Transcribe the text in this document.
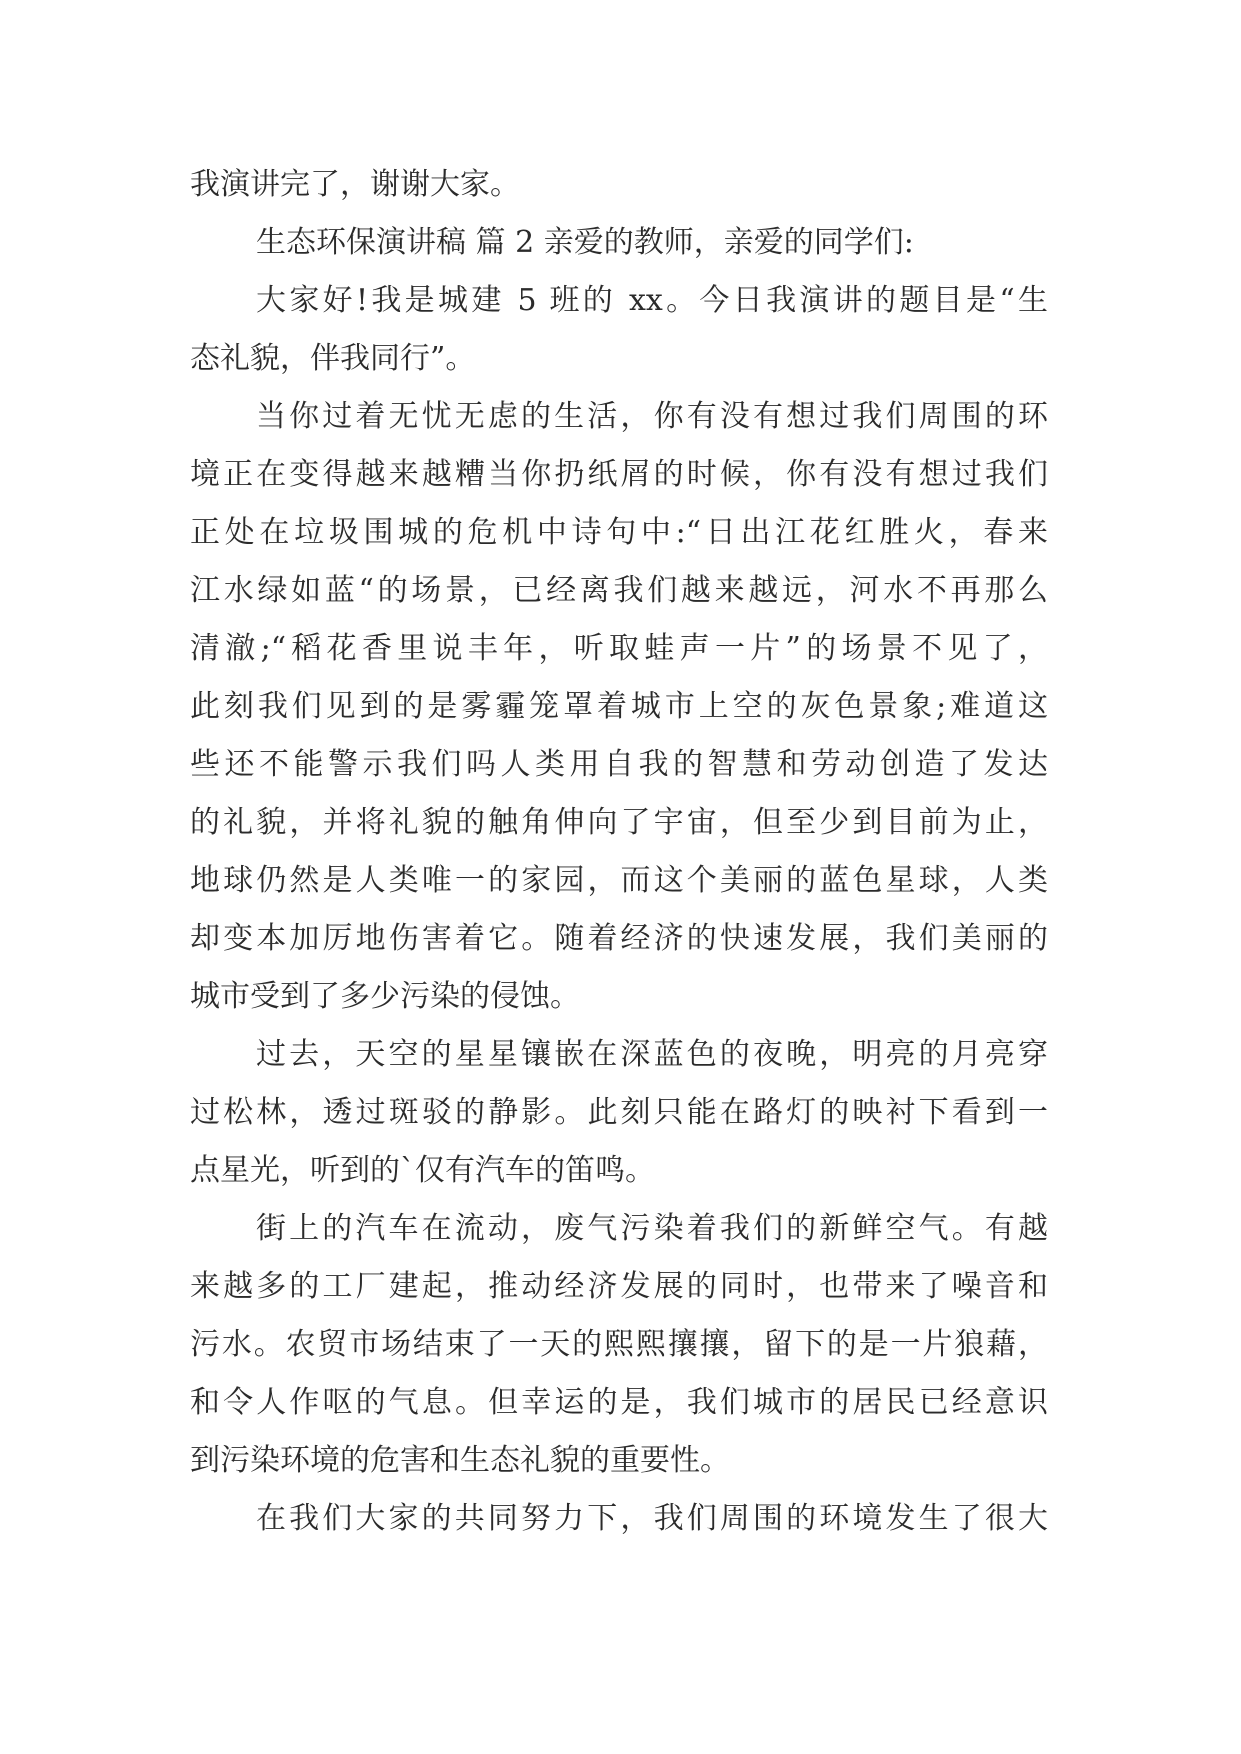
我演讲完了，谢谢大家。
生态环保演讲稿 篇 2 亲爱的教师，亲爱的同学们:
大家好!我是城建 5 班的 xx。今日我演讲的题目是“生
态礼貌，伴我同行”。
当你过着无忧无虑的生活，你有没有想过我们周围的环
境正在变得越来越糟当你扔纸屑的时候，你有没有想过我们
正处在垃圾围城的危机中诗句中:“日出江花红胜火，春来
江水绿如蓝“的场景，已经离我们越来越远，河水不再那么
清澈;“稻花香里说丰年，听取蛙声一片”的场景不见了，
此刻我们见到的是雾霾笼罩着城市上空的灰色景象;难道这
些还不能警示我们吗人类用自我的智慧和劳动创造了发达
的礼貌，并将礼貌的触角伸向了宇宙，但至少到目前为止，
地球仍然是人类唯一的家园，而这个美丽的蓝色星球，人类
却变本加厉地伤害着它。随着经济的快速发展，我们美丽的
城市受到了多少污染的侵蚀。
过去，天空的星星镶嵌在深蓝色的夜晚，明亮的月亮穿
过松林，透过斑驳的静影。此刻只能在路灯的映衬下看到一
点星光，听到的`仅有汽车的笛鸣。
街上的汽车在流动，废气污染着我们的新鲜空气。有越
来越多的工厂建起，推动经济发展的同时，也带来了噪音和
污水。农贸市场结束了一天的熙熙攘攘，留下的是一片狼藉，
和令人作呕的气息。但幸运的是，我们城市的居民已经意识
到污染环境的危害和生态礼貌的重要性。
在我们大家的共同努力下，我们周围的环境发生了很大
